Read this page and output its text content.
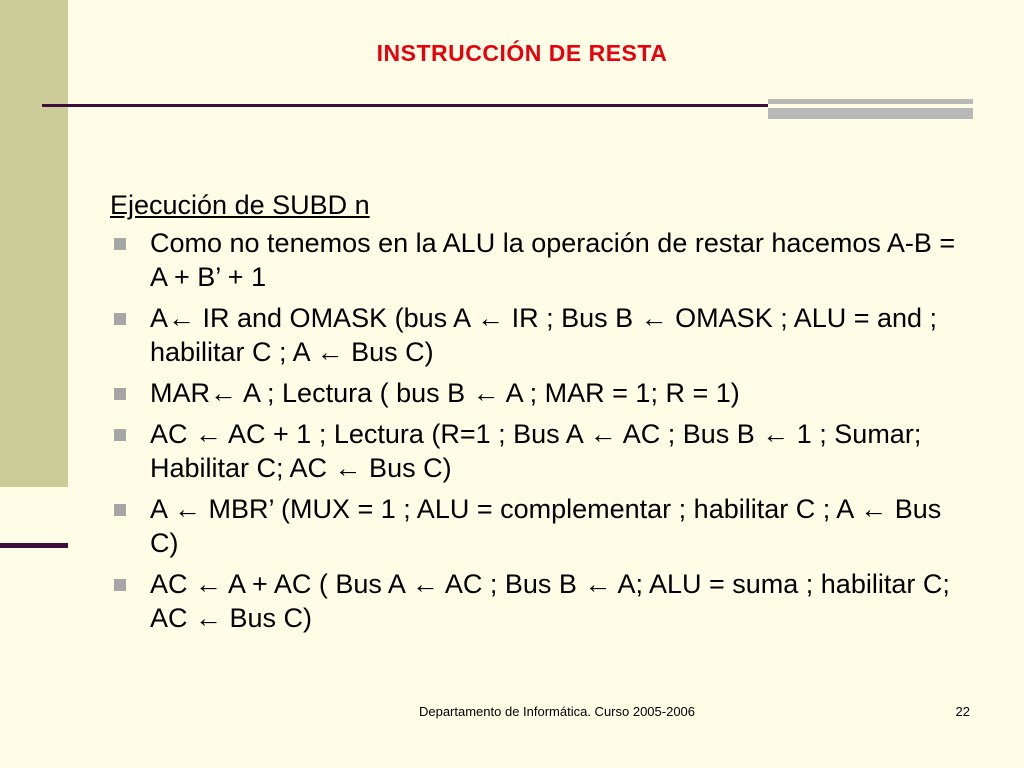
INSTRUCCIÓN DE RESTA
Ejecución de SUBD n
Como no tenemos en la ALU la operación de restar hacemos A-B = A + B’ + 1
A← IR and OMASK (bus A ← IR ; Bus B ← OMASK ; ALU = and ; habilitar C ; A ← Bus C)
MAR← A ; Lectura ( bus B ← A ; MAR = 1; R = 1)
AC ← AC + 1 ; Lectura (R=1 ; Bus A ← AC ; Bus B ← 1 ; Sumar; Habilitar C; AC ← Bus C)
A ← MBR’ (MUX = 1 ; ALU = complementar ; habilitar C ; A ← Bus C)
AC ← A + AC ( Bus A ← AC ; Bus B ← A; ALU = suma ; habilitar C; AC ← Bus C)
Departamento de Informática. Curso 2005-2006	22
